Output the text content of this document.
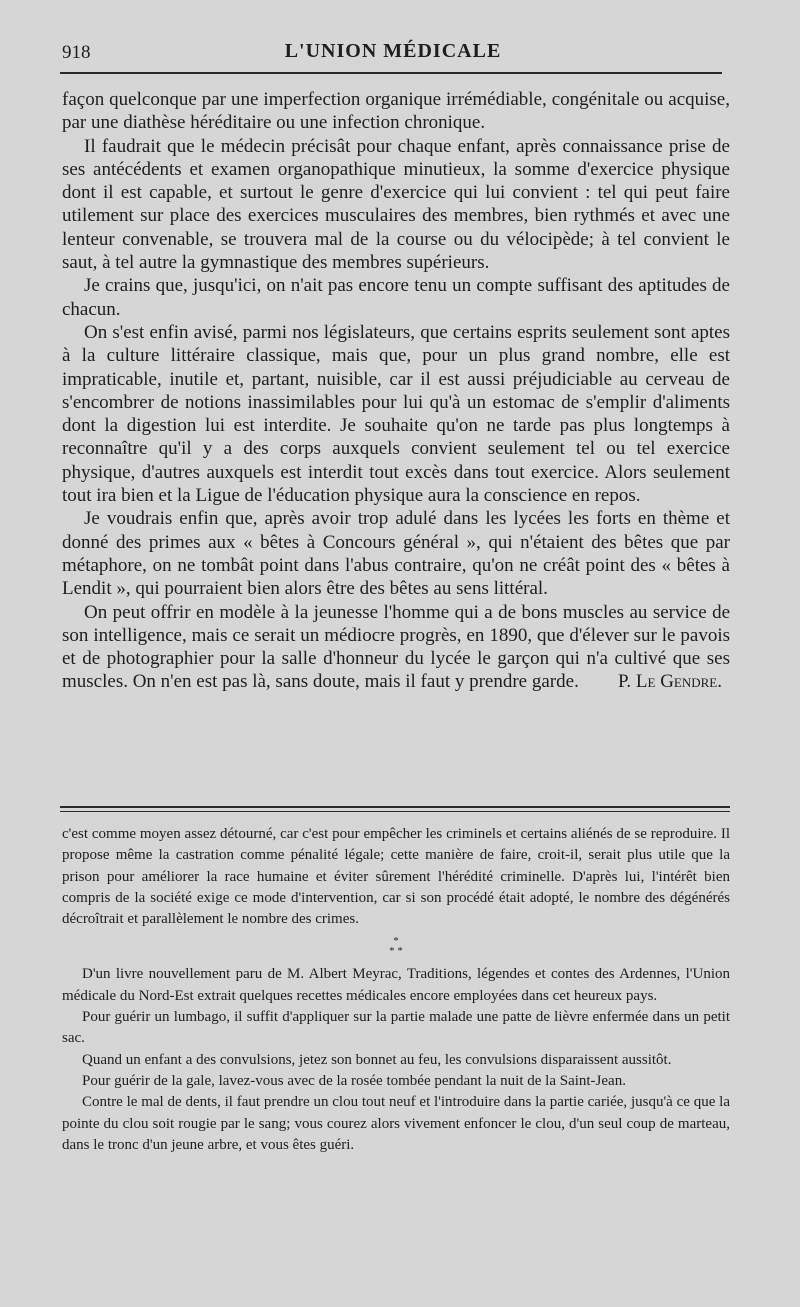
918	L'UNION MÉDICALE

façon quelconque par une imperfection organique irrémédiable, congénitale ou acquise, par une diathèse héréditaire ou une infection chronique.

Il faudrait que le médecin précisât pour chaque enfant, après connaissance prise de ses antécédents et examen organopathique minutieux, la somme d'exercice physique dont il est capable, et surtout le genre d'exercice qui lui convient : tel qui peut faire utilement sur place des exercices musculaires des membres, bien rythmés et avec une lenteur convenable, se trouvera mal de la course ou du vélocipède; à tel convient le saut, à tel autre la gymnastique des membres supérieurs.

Je crains que, jusqu'ici, on n'ait pas encore tenu un compte suffisant des aptitudes de chacun.

On s'est enfin avisé, parmi nos législateurs, que certains esprits seulement sont aptes à la culture littéraire classique, mais que, pour un plus grand nombre, elle est impraticable, inutile et, partant, nuisible, car il est aussi préjudiciable au cerveau de s'encombrer de notions inassimilables pour lui qu'à un estomac de s'emplir d'aliments dont la digestion lui est interdite. Je souhaite qu'on ne tarde pas plus longtemps à reconnaître qu'il y a des corps auxquels convient seulement tel ou tel exercice physique, d'autres auxquels est interdit tout excès dans tout exercice. Alors seulement tout ira bien et la Ligue de l'éducation physique aura la conscience en repos.

Je voudrais enfin que, après avoir trop adulé dans les lycées les forts en thème et donné des primes aux « bêtes à Concours général », qui n'étaient des bêtes que par métaphore, on ne tombât point dans l'abus contraire, qu'on ne créât point des « bêtes à Lendit », qui pourraient bien alors être des bêtes au sens littéral.

On peut offrir en modèle à la jeunesse l'homme qui a de bons muscles au service de son intelligence, mais ce serait un médiocre progrès, en 1890, que d'élever sur le pavois et de photographier pour la salle d'honneur du lycée le garçon qui n'a cultivé que ses muscles. On n'en est pas là, sans doute, mais il faut y prendre garde.	P. Le Gendre.

c'est comme moyen assez détourné, car c'est pour empêcher les criminels et certains aliénés de se reproduire. Il propose même la castration comme pénalité légale; cette manière de faire, croit-il, serait plus utile que la prison pour améliorer la race humaine et éviter sûrement l'hérédité criminelle. D'après lui, l'intérêt bien compris de la société exige ce mode d'intervention, car si son procédé était adopté, le nombre des dégénérés décroîtrait et parallèlement le nombre des crimes.

*
* *

D'un livre nouvellement paru de M. Albert Meyrac, Traditions, légendes et contes des Ardennes, l'Union médicale du Nord-Est extrait quelques recettes médicales encore employées dans cet heureux pays.

Pour guérir un lumbago, il suffit d'appliquer sur la partie malade une patte de lièvre enfermée dans un petit sac.

Quand un enfant a des convulsions, jetez son bonnet au feu, les convulsions disparaissent aussitôt.

Pour guérir de la gale, lavez-vous avec de la rosée tombée pendant la nuit de la Saint-Jean.

Contre le mal de dents, il faut prendre un clou tout neuf et l'introduire dans la partie cariée, jusqu'à ce que la pointe du clou soit rougie par le sang; vous courez alors vivement enfoncer le clou, d'un seul coup de marteau, dans le tronc d'un jeune arbre, et vous êtes guéri.
